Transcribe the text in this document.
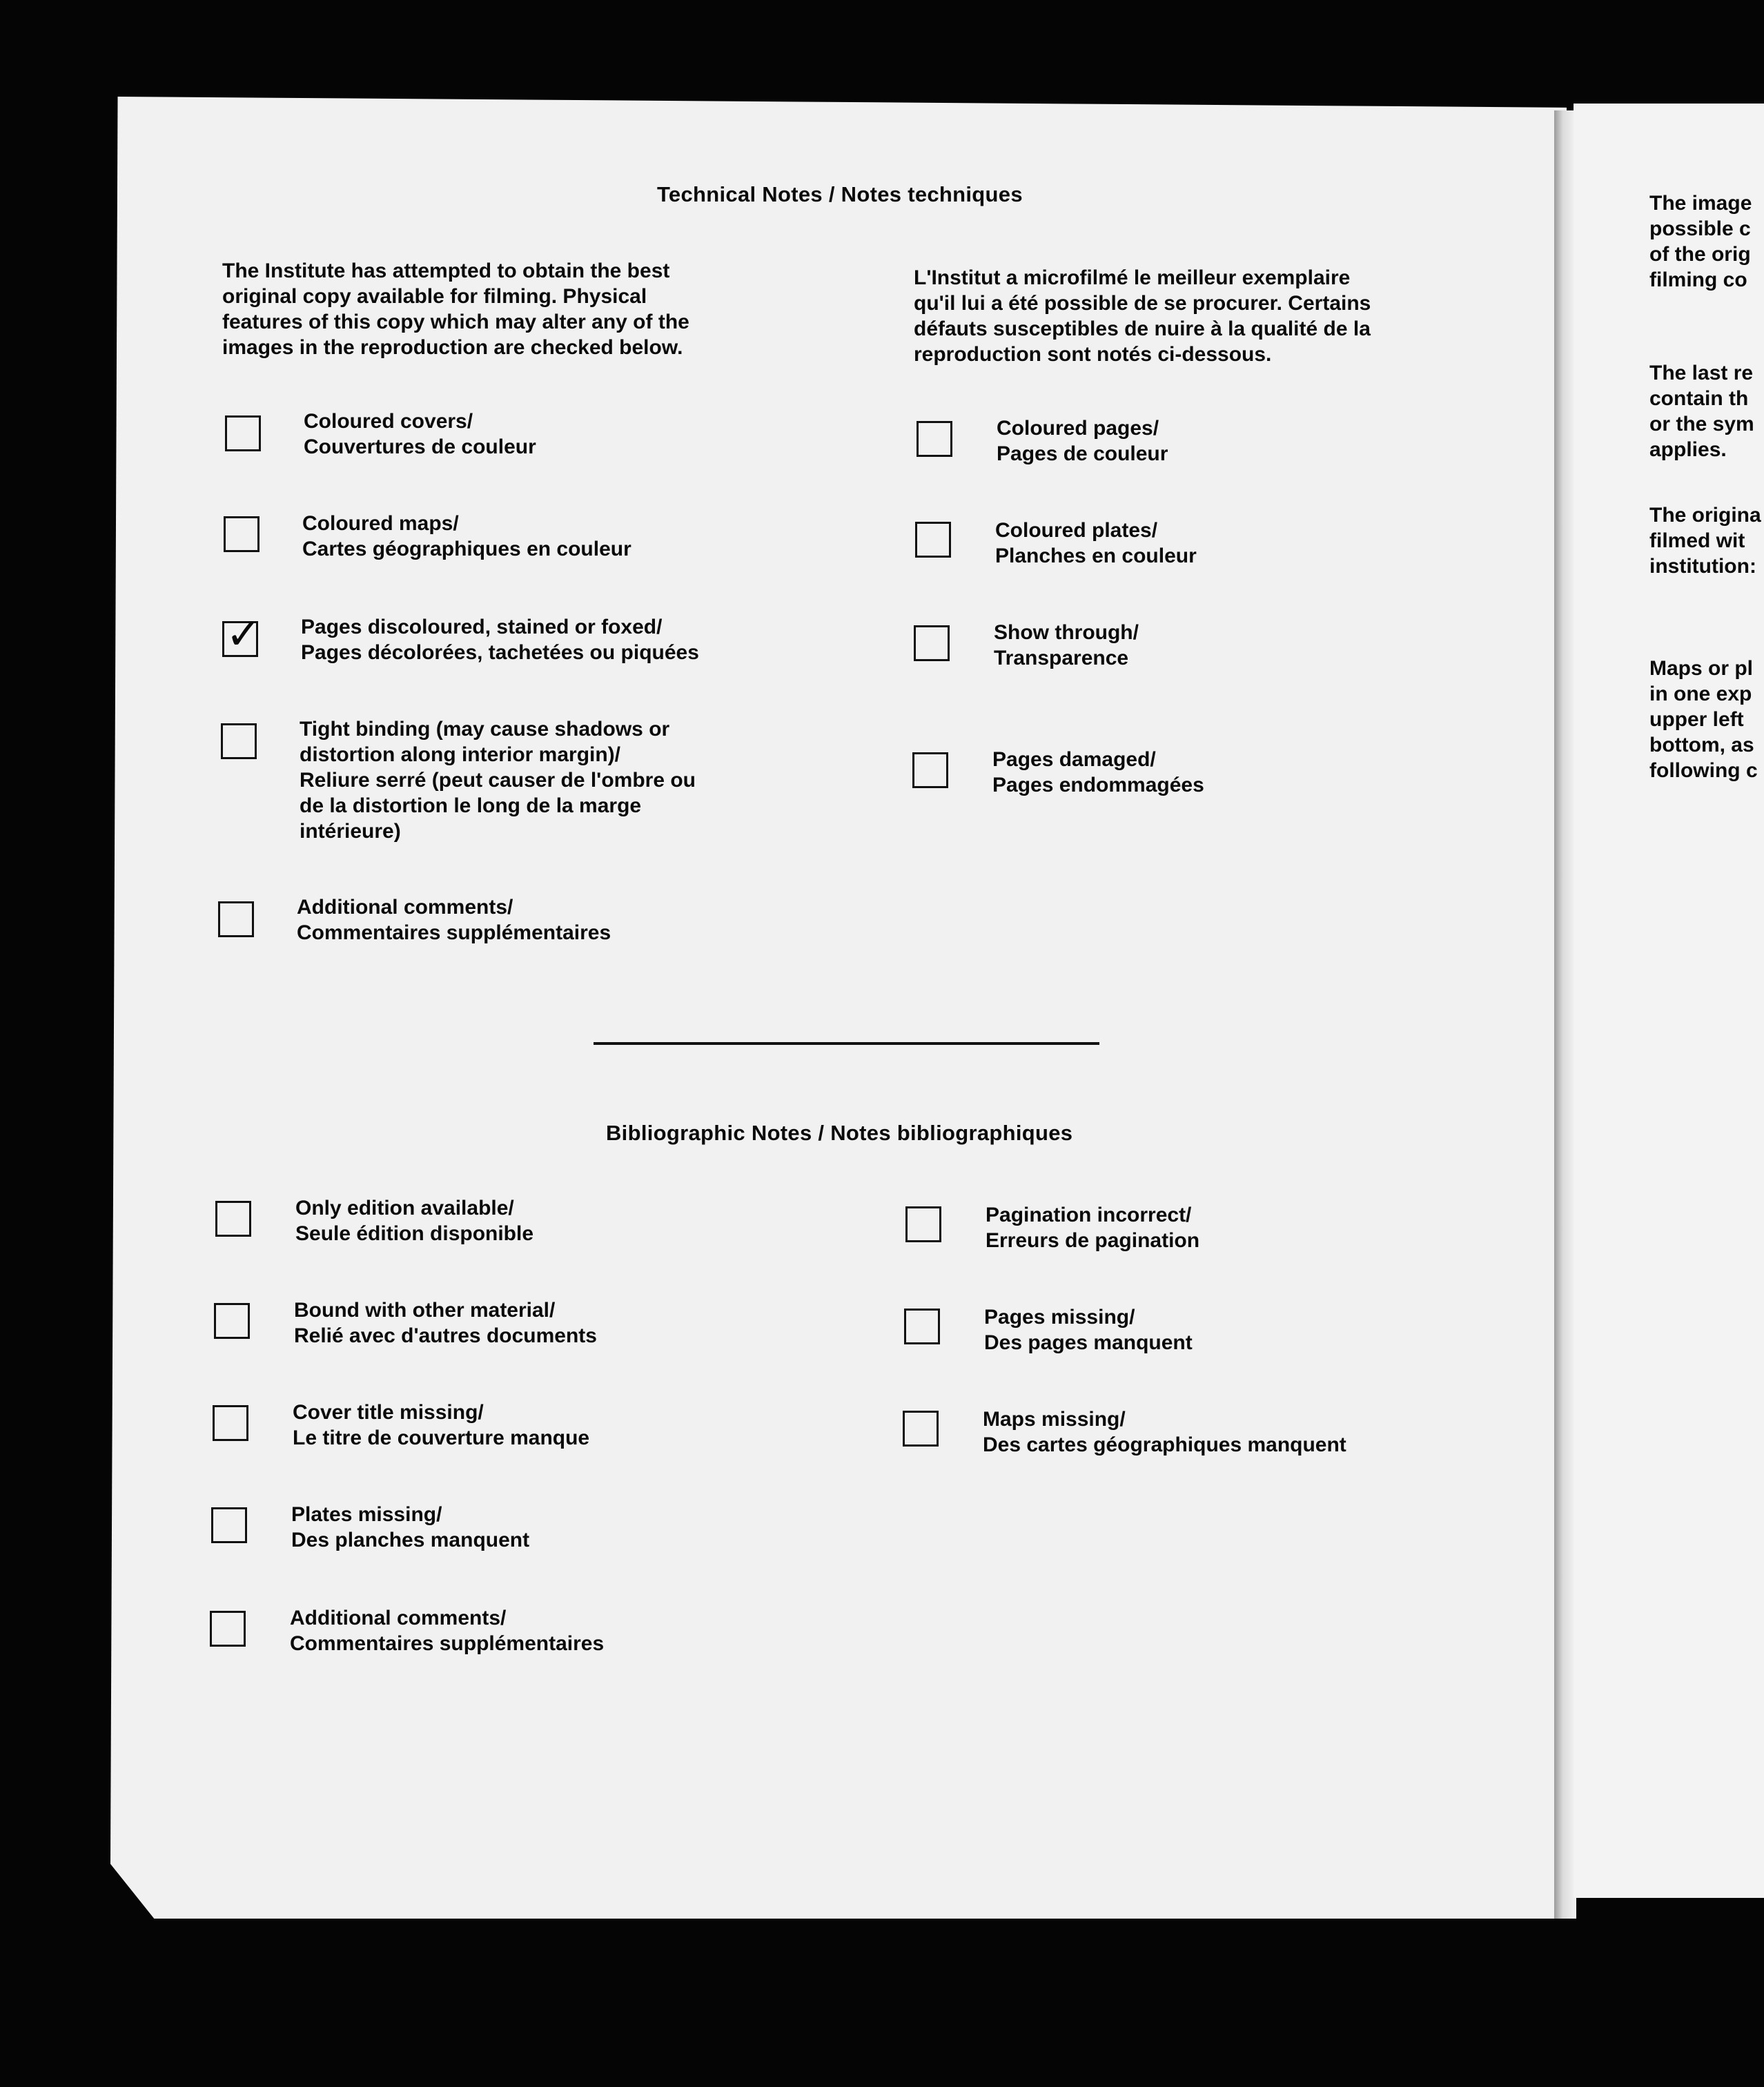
Technical Notes / Notes techniques
The Institute has attempted to obtain the best
original copy available for filming. Physical
features of this copy which may alter any of the
images in the reproduction are checked below.
L'Institut a microfilmé le meilleur exemplaire
qu'il lui a été possible de se procurer. Certains
défauts susceptibles de nuire à la qualité de la
reproduction sont notés ci-dessous.
Coloured covers/
Couvertures de couleur
Coloured maps/
Cartes géographiques en couleur
✓ Pages discoloured, stained or foxed/
Pages décolorées, tachetées ou piquées
Tight binding (may cause shadows or
distortion along interior margin)/
Reliure serré (peut causer de l'ombre ou
de la distortion le long de la marge
intérieure)
Additional comments/
Commentaires supplémentaires
Coloured pages/
Pages de couleur
Coloured plates/
Planches en couleur
Show through/
Transparence
Pages damaged/
Pages endommagées
Bibliographic Notes / Notes bibliographiques
Only edition available/
Seule édition disponible
Bound with other material/
Relié avec d'autres documents
Cover title missing/
Le titre de couverture manque
Plates missing/
Des planches manquent
Additional comments/
Commentaires supplémentaires
Pagination incorrect/
Erreurs de pagination
Pages missing/
Des pages manquent
Maps missing/
Des cartes géographiques manquent
The image
possible c
of the orig
filming co
The last re
contain th
or the sym
applies.
The origina
filmed wit
institution:
Maps or pl
in one exp
upper left
bottom, as
following c
